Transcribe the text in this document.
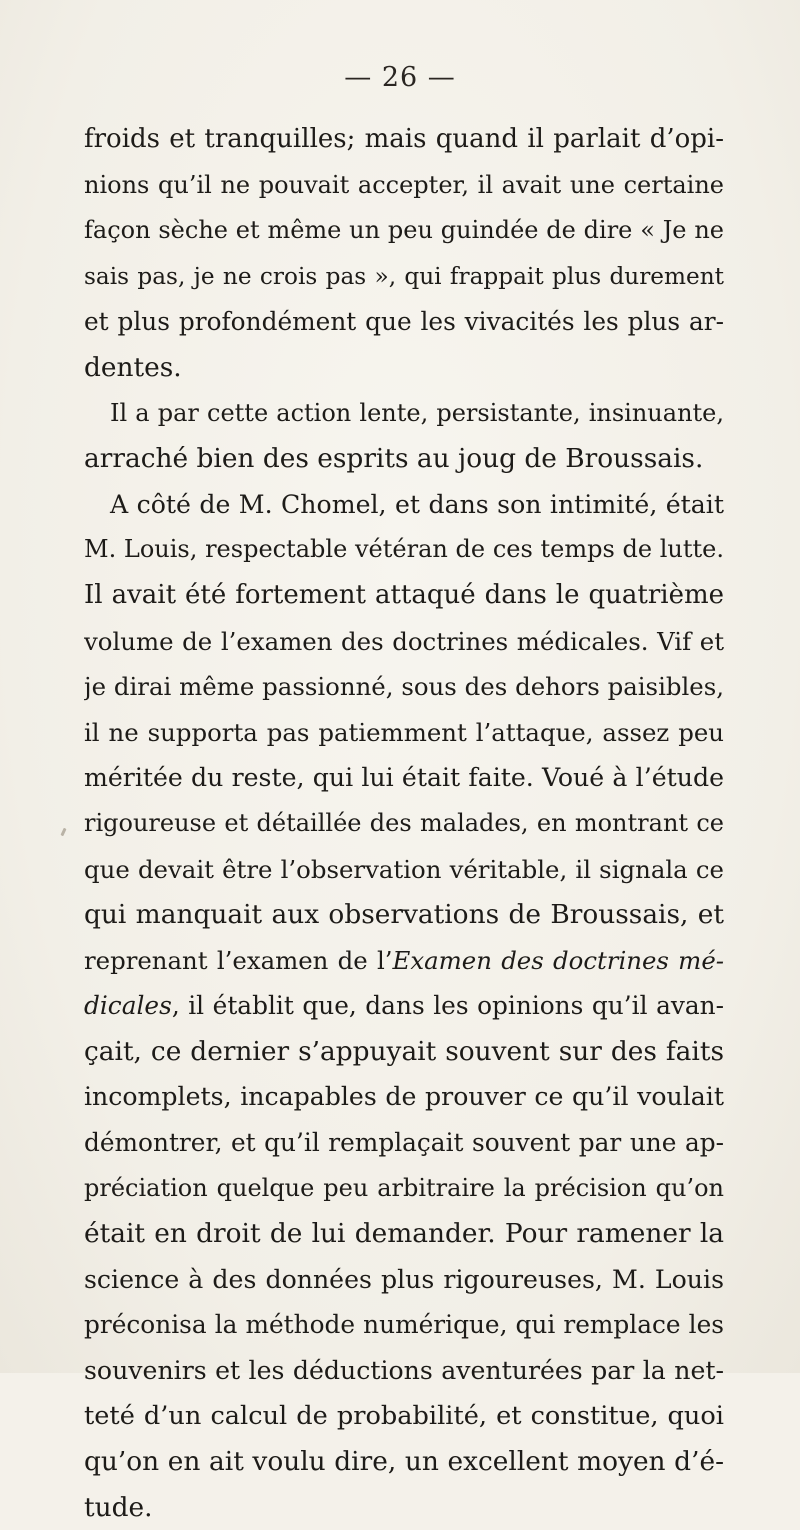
— 26 —
froids et tranquilles; mais quand il parlait d’opi-
nions qu’il ne pouvait accepter, il avait une certaine
façon sèche et même un peu guindée de dire « Je ne
sais pas, je ne crois pas », qui frappait plus durement
et plus profondément que les vivacités les plus ar-
dentes.
Il a par cette action lente, persistante, insinuante,
arraché bien des esprits au joug de Broussais.
A côté de M. Chomel, et dans son intimité, était
M. Louis, respectable vétéran de ces temps de lutte.
Il avait été fortement attaqué dans le quatrième
volume de l’examen des doctrines médicales. Vif et
je dirai même passionné, sous des dehors paisibles,
il ne supporta pas patiemment l’attaque, assez peu
méritée du reste, qui lui était faite. Voué à l’étude
rigoureuse et détaillée des malades, en montrant ce
que devait être l’observation véritable, il signala ce
qui manquait aux observations de Broussais, et
reprenant l’examen de l’Examen des doctrines mé-
dicales, il établit que, dans les opinions qu’il avan-
çait, ce dernier s’appuyait souvent sur des faits
incomplets, incapables de prouver ce qu’il voulait
démontrer, et qu’il remplaçait souvent par une ap-
préciation quelque peu arbitraire la précision qu’on
était en droit de lui demander. Pour ramener la
science à des données plus rigoureuses, M. Louis
préconisa la méthode numérique, qui remplace les
souvenirs et les déductions aventurées par la net-
teté d’un calcul de probabilité, et constitue, quoi
qu’on en ait voulu dire, un excellent moyen d’é-
tude.
